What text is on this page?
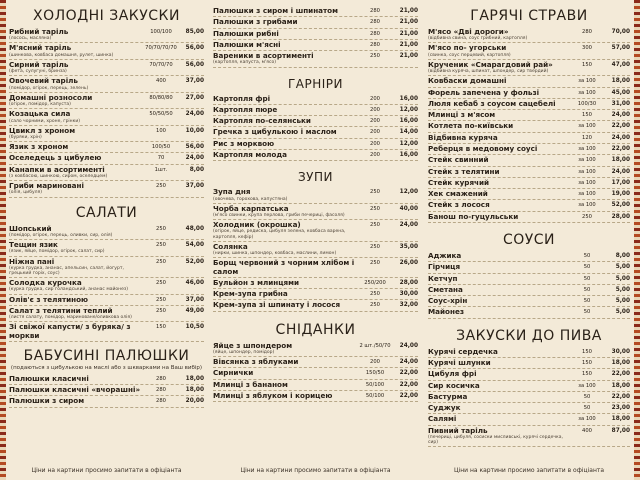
ХОЛОДНІ ЗАКУСКИ
Рибний таріль
(лосось, масляна)
100/100	85,00
М'ясний таріль
(шинкова, ковбаса домашня, рулет, шинка)
70/70/70/70	56,00
Сирний таріль
(фета, сулугуні, бринза)
70/70/70	56,00
Овочевий таріль
(помідор, огірок, перець, зелень)
400	37,00
Домашні розносоли
(огірок, помідор, капуста)
80/80/80	27,00
Козацька сила
(сало чорними, хроне, грінки)
50/50/50	24,00
Цвикл з хроном
(буряки, хрін)
100	10,00
Язик з хроном	100/50	56,00
Оселедець з цибулею	70	24,00
Канапки в асортименті
(з ковбасою, шинкою, сиром, оселедцем)
1шт.	8,00
Гриби мариновані
(олія, цибуля)
250	37,00
САЛАТИ
Шопський
(помідор, огірок, перець, оливки, сир, олія)
250	48,00
Тещин язик
(язик, яйце, помідор, огірок, салат, сир)
250	54,00
Ніжна пані
(курка грудка, ананас, апельсин, салат, йогурт, грецький горіх, соус)
250	52,00
Солодка курочка
(курка грудка, сир голандський, ананас майонез)
250	46,00
Олів'є з телятиною	250	37,00
Салат з телятини теплий
(листя салату, помідор, мариноване/оливкова олія)
250	49,00
Зі свіжої капусти/ з буряка/ з моркви
150	10,50
БАБУСИНІ ПАЛЮШКИ
(подаються з цибулькою на маслі або з шкварками на Ваш вибір)
Палюшки класичні	280	18,00
Палюшки класичні «вчорашні»	280	18,00
Палюшки з сиром	280	20,00
Ціни на картини просимо запитати в офіціанта
Палюшки з сиром і шпинатом	280	21,00
Палюшки з грибами	280	21,00
Палюшки рибні	280	21,00
Палюшки м'ясні	280	21,00
Вареники в асортименті
(картопля, капуста, м'ясо)
250	21,00
ГАРНІРИ
Картопля фрі	200	16,00
Картопля пюре	200	12,00
Картопля по-селянськи	200	16,00
Гречка з цибулькою і маслом	200	14,00
Рис з морквою	200	12,00
Картопля молода	200	16,00
ЗУПИ
Зупа дня
(овочева, гороховa, капустяна)
250	12,00
Чорба карпатська
(м'ясо свинки, крупа перлова, гриби печериці, фасоля)
250	40,00
Холодник (окрошка)
(огірок, яйце, редиска, цибуля зелена, ковбаса варена, картопля, кефір)
250	24,00
Солянка
(нирки, шинка, шпондер, ковбаса, маслини, лимон)
250	35,00
Борщ червоний з чорним хлібом і салом
250	26,00
Бульйон з млинцями	250/200	28,00
Крем-зупа грибна	250	30,00
Крем-зупа зі шпинату і лосося	250	32,00
СНІДАНКИ
Яйце з шпондером
(яйце, шпондер, помідор)
2 шт./50/70	24,00
Вівсянка з яблуками	200	24,00
Сирнички	150/50	22,00
Млинці з бананом	50/100	22,00
Млинці з яблуком і корицею	50/100	22,00
Ціни на картини просимо запитати в офіціанта
ГАРЯЧІ СТРАВИ
М'ясо «Дві дороги»
(відбивна свина, соус грибний, картопля)
280	70,00
М'ясо по- угорськи
(свинка, соус перцевий, картопля)
300	57,00
Крученик «Смарагдовий рай»
(відбивна курячa, шпинат, шпондер, сир твердий)
150	47,00
Ковбаски домашні	за 100	18,00
Форель запечена у фользі	за 100	45,00
Люля кебаб з соусом сацебелі	100/30	31,00
Млинці з м'ясом	150	24,00
Котлета по-київськи	за 100	22,00
Відбивна куряча	120	24,00
Реберця в медовому соусі	за 100	22,00
Стейк свинний	за 100	18,00
Стейк з телятини	за 100	24,00
Стейк курячий	за 100	17,00
Хек смажений	за 100	19,00
Стейк з лосося	за 100	52,00
Банош по-гуцульськи	250	28,00
СОУСИ
Аджика	50	8,00
Гірчиця	50	5,00
Кетчуп	50	5,00
Сметана	50	5,00
Соус-хрін	50	5,00
Майонез	50	5,00
ЗАКУСКИ ДО ПИВА
Курячі сердечка	150	30,00
Курячі шлунки	150	18,00
Цибуля фрі	150	22,00
Сир косичка	за 100	18,00
Бастурма	50	22,00
Суджук	50	23,00
Салямі	за 100	18,00
Пивний таріль
(печериці, цибуля, сосиски мисливські, курячі сердечка, сир)
400	87,00
Ціни на картини просимо запитати в офіціанта
